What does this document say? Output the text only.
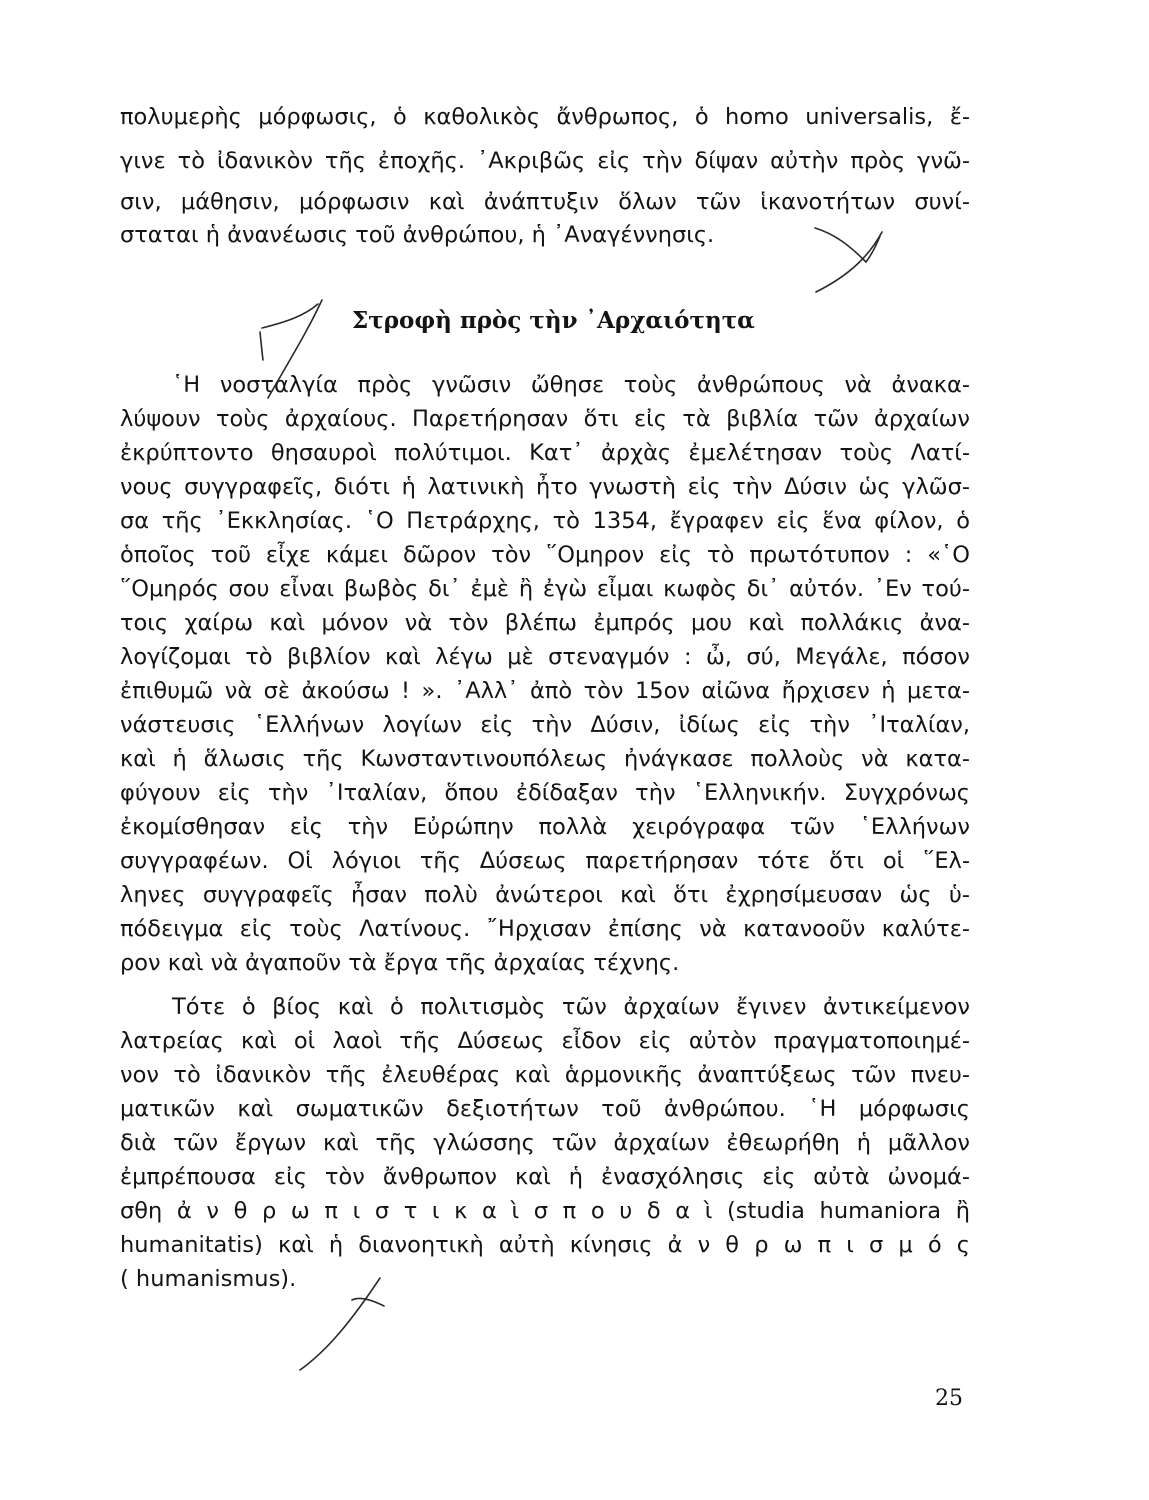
πολυμερὴς μόρφωσις, ὁ καθολικὸς ἄνθρωπος, ὁ homo universalis, ἔ-
γινε τὸ ἰδανικὸν τῆς ἐποχῆς. ᾿Ακριβῶς εἰς τὴν δίψαν αὐτὴν πρὸς γνῶ-
σιν, μάθησιν, μόρφωσιν καὶ ἀνάπτυξιν ὅλων τῶν ἱκανοτήτων συνί-
σταται ἡ ἀνανέωσις τοῦ ἀνθρώπου, ἡ ᾿Αναγέννησις.
Στροφὴ πρὸς τὴν ᾿Αρχαιότητα
῾Η νοσταλγία πρὸς γνῶσιν ὤθησε τοὺς ἀνθρώπους νὰ ἀνακα-
λύψουν τοὺς ἀρχαίους. Παρετήρησαν ὅτι εἰς τὰ βιβλία τῶν ἀρχαίων
ἐκρύπτοντο θησαυροὶ πολύτιμοι. Κατ᾿ ἀρχὰς ἐμελέτησαν τοὺς Λατί-
νους συγγραφεῖς, διότι ἡ λατινικὴ ἦτο γνωστὴ εἰς τὴν Δύσιν ὡς γλῶσ-
σα τῆς ᾿Εκκλησίας. ῾Ο Πετράρχης, τὸ 1354, ἔγραφεν εἰς ἕνα φίλον, ὁ
ὁποῖος τοῦ εἶχε κάμει δῶρον τὸν ῞Ομηρον εἰς τὸ πρωτότυπον : «῾Ο
῞Ομηρός σου εἶναι βωβὸς δι᾿ ἐμὲ ἢ ἐγὼ εἶμαι κωφὸς δι᾿ αὐτόν. ᾿Εν τού-
τοις χαίρω καὶ μόνον νὰ τὸν βλέπω ἐμπρός μου καὶ πολλάκις ἀνα-
λογίζομαι τὸ βιβλίον καὶ λέγω μὲ στεναγμόν : ὦ, σύ, Μεγάλε, πόσον
ἐπιθυμῶ νὰ σὲ ἀκούσω ! ». ᾿Αλλ᾿ ἀπὸ τὸν 15ον αἰῶνα ἤρχισεν ἡ μετα-
νάστευσις ῾Ελλήνων λογίων εἰς τὴν Δύσιν, ἰδίως εἰς τὴν ᾿Ιταλίαν,
καὶ ἡ ἅλωσις τῆς Κωνσταντινουπόλεως ἠνάγκασε πολλοὺς νὰ κατα-
φύγουν εἰς τὴν ᾿Ιταλίαν, ὅπου ἐδίδαξαν τὴν ῾Ελληνικήν. Συγχρόνως
ἐκομίσθησαν εἰς τὴν Εὐρώπην πολλὰ χειρόγραφα τῶν ῾Ελλήνων
συγγραφέων. Οἱ λόγιοι τῆς Δύσεως παρετήρησαν τότε ὅτι οἱ ῞Ελ-
ληνες συγγραφεῖς ἦσαν πολὺ ἀνώτεροι καὶ ὅτι ἐχρησίμευσαν ὡς ὑ-
πόδειγμα εἰς τοὺς Λατίνους. ῎Ηρχισαν ἐπίσης νὰ κατανοοῦν καλύτε-
ρον καὶ νὰ ἀγαποῦν τὰ ἔργα τῆς ἀρχαίας τέχνης.
Τότε ὁ βίος καὶ ὁ πολιτισμὸς τῶν ἀρχαίων ἔγινεν ἀντικείμενον
λατρείας καὶ οἱ λαοὶ τῆς Δύσεως εἶδον εἰς αὐτὸν πραγματοποιημέ-
νον τὸ ἰδανικὸν τῆς ἐλευθέρας καὶ ἁρμονικῆς ἀναπτύξεως τῶν πνευ-
ματικῶν καὶ σωματικῶν δεξιοτήτων τοῦ ἀνθρώπου. ῾Η μόρφωσις
διὰ τῶν ἔργων καὶ τῆς γλώσσης τῶν ἀρχαίων ἐθεωρήθη ἡ μᾶλλον
ἐμπρέπουσα εἰς τὸν ἄνθρωπον καὶ ἡ ἐνασχόλησις εἰς αὐτὰ ὠνομά-
σθη ἀ ν θ ρ ω π ι σ τ ι κ α ὶ σ π ο υ δ α ὶ (studia humaniora ἢ
humanitatis) καὶ ἡ διανοητικὴ αὐτὴ κίνησις ἀ ν θ ρ ω π ι σ μ ό ς
( humanismus).
25
